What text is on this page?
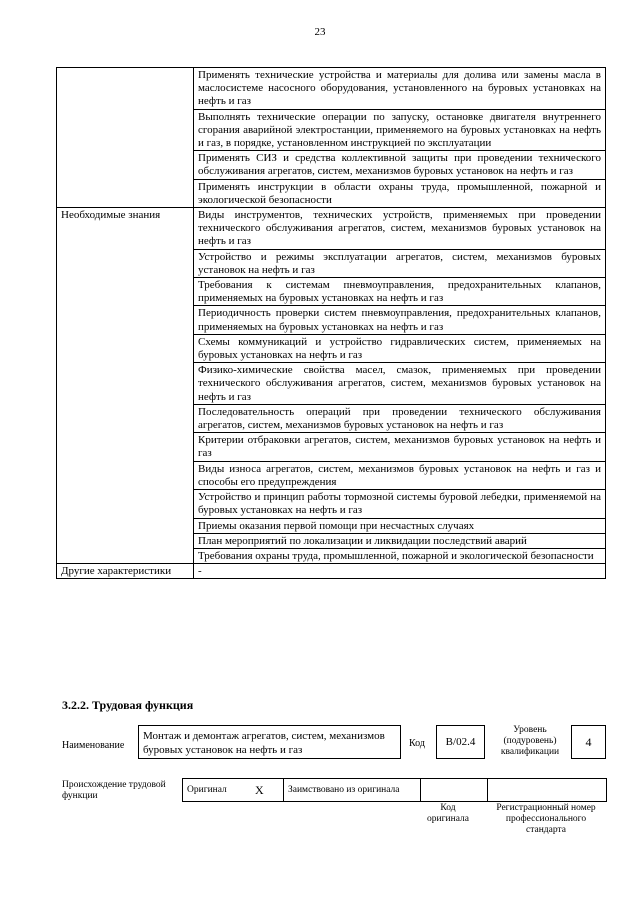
23
	Применять технические устройства и материалы для долива или замены масла в маслосистеме насосного оборудования, установленного на буровых установках на нефть и газ
	Выполнять технические операции по запуску, остановке двигателя внутреннего сгорания аварийной электростанции, применяемого на буровых установках на нефть и газ, в порядке, установленном инструкцией по эксплуатации
	Применять СИЗ и средства коллективной защиты при проведении технического обслуживания агрегатов, систем, механизмов буровых установок на нефть и газ
	Применять инструкции в области охраны труда, промышленной, пожарной и экологической безопасности
Необходимые знания	Виды инструментов, технических устройств, применяемых при проведении технического обслуживания агрегатов, систем, механизмов буровых установок на нефть и газ
	Устройство и режимы эксплуатации агрегатов, систем, механизмов буровых установок на нефть и газ
	Требования к системам пневмоуправления, предохранительных клапанов, применяемых на буровых установках на нефть и газ
	Периодичность проверки систем пневмоуправления, предохранительных клапанов, применяемых на буровых установках на нефть и газ
	Схемы коммуникаций и устройство гидравлических систем, применяемых на буровых установках на нефть и газ
	Физико-химические свойства масел, смазок, применяемых при проведении технического обслуживания агрегатов, систем, механизмов буровых установок на нефть и газ
	Последовательность операций при проведении технического обслуживания агрегатов, систем, механизмов буровых установок на нефть и газ
	Критерии отбраковки агрегатов, систем, механизмов буровых установок на нефть и газ
	Виды износа агрегатов, систем, механизмов буровых установок на нефть и газ и способы его предупреждения
	Устройство и принцип работы тормозной системы буровой лебедки, применяемой на буровых установках на нефть и газ
	Приемы оказания первой помощи при несчастных случаях
	План мероприятий по локализации и ликвидации последствий аварий
	Требования охраны труда, промышленной, пожарной и экологической безопасности
Другие характеристики	-
3.2.2. Трудовая функция
Наименование
Монтаж и демонтаж агрегатов, систем, механизмов буровых установок на нефть и газ
Код	В/02.4
Уровень (подуровень) квалификации
4
Происхождение трудовой функции
Оригинал	X	Заимствовано из оригинала		
Код оригинала
Регистрационный номер профессионального стандарта
